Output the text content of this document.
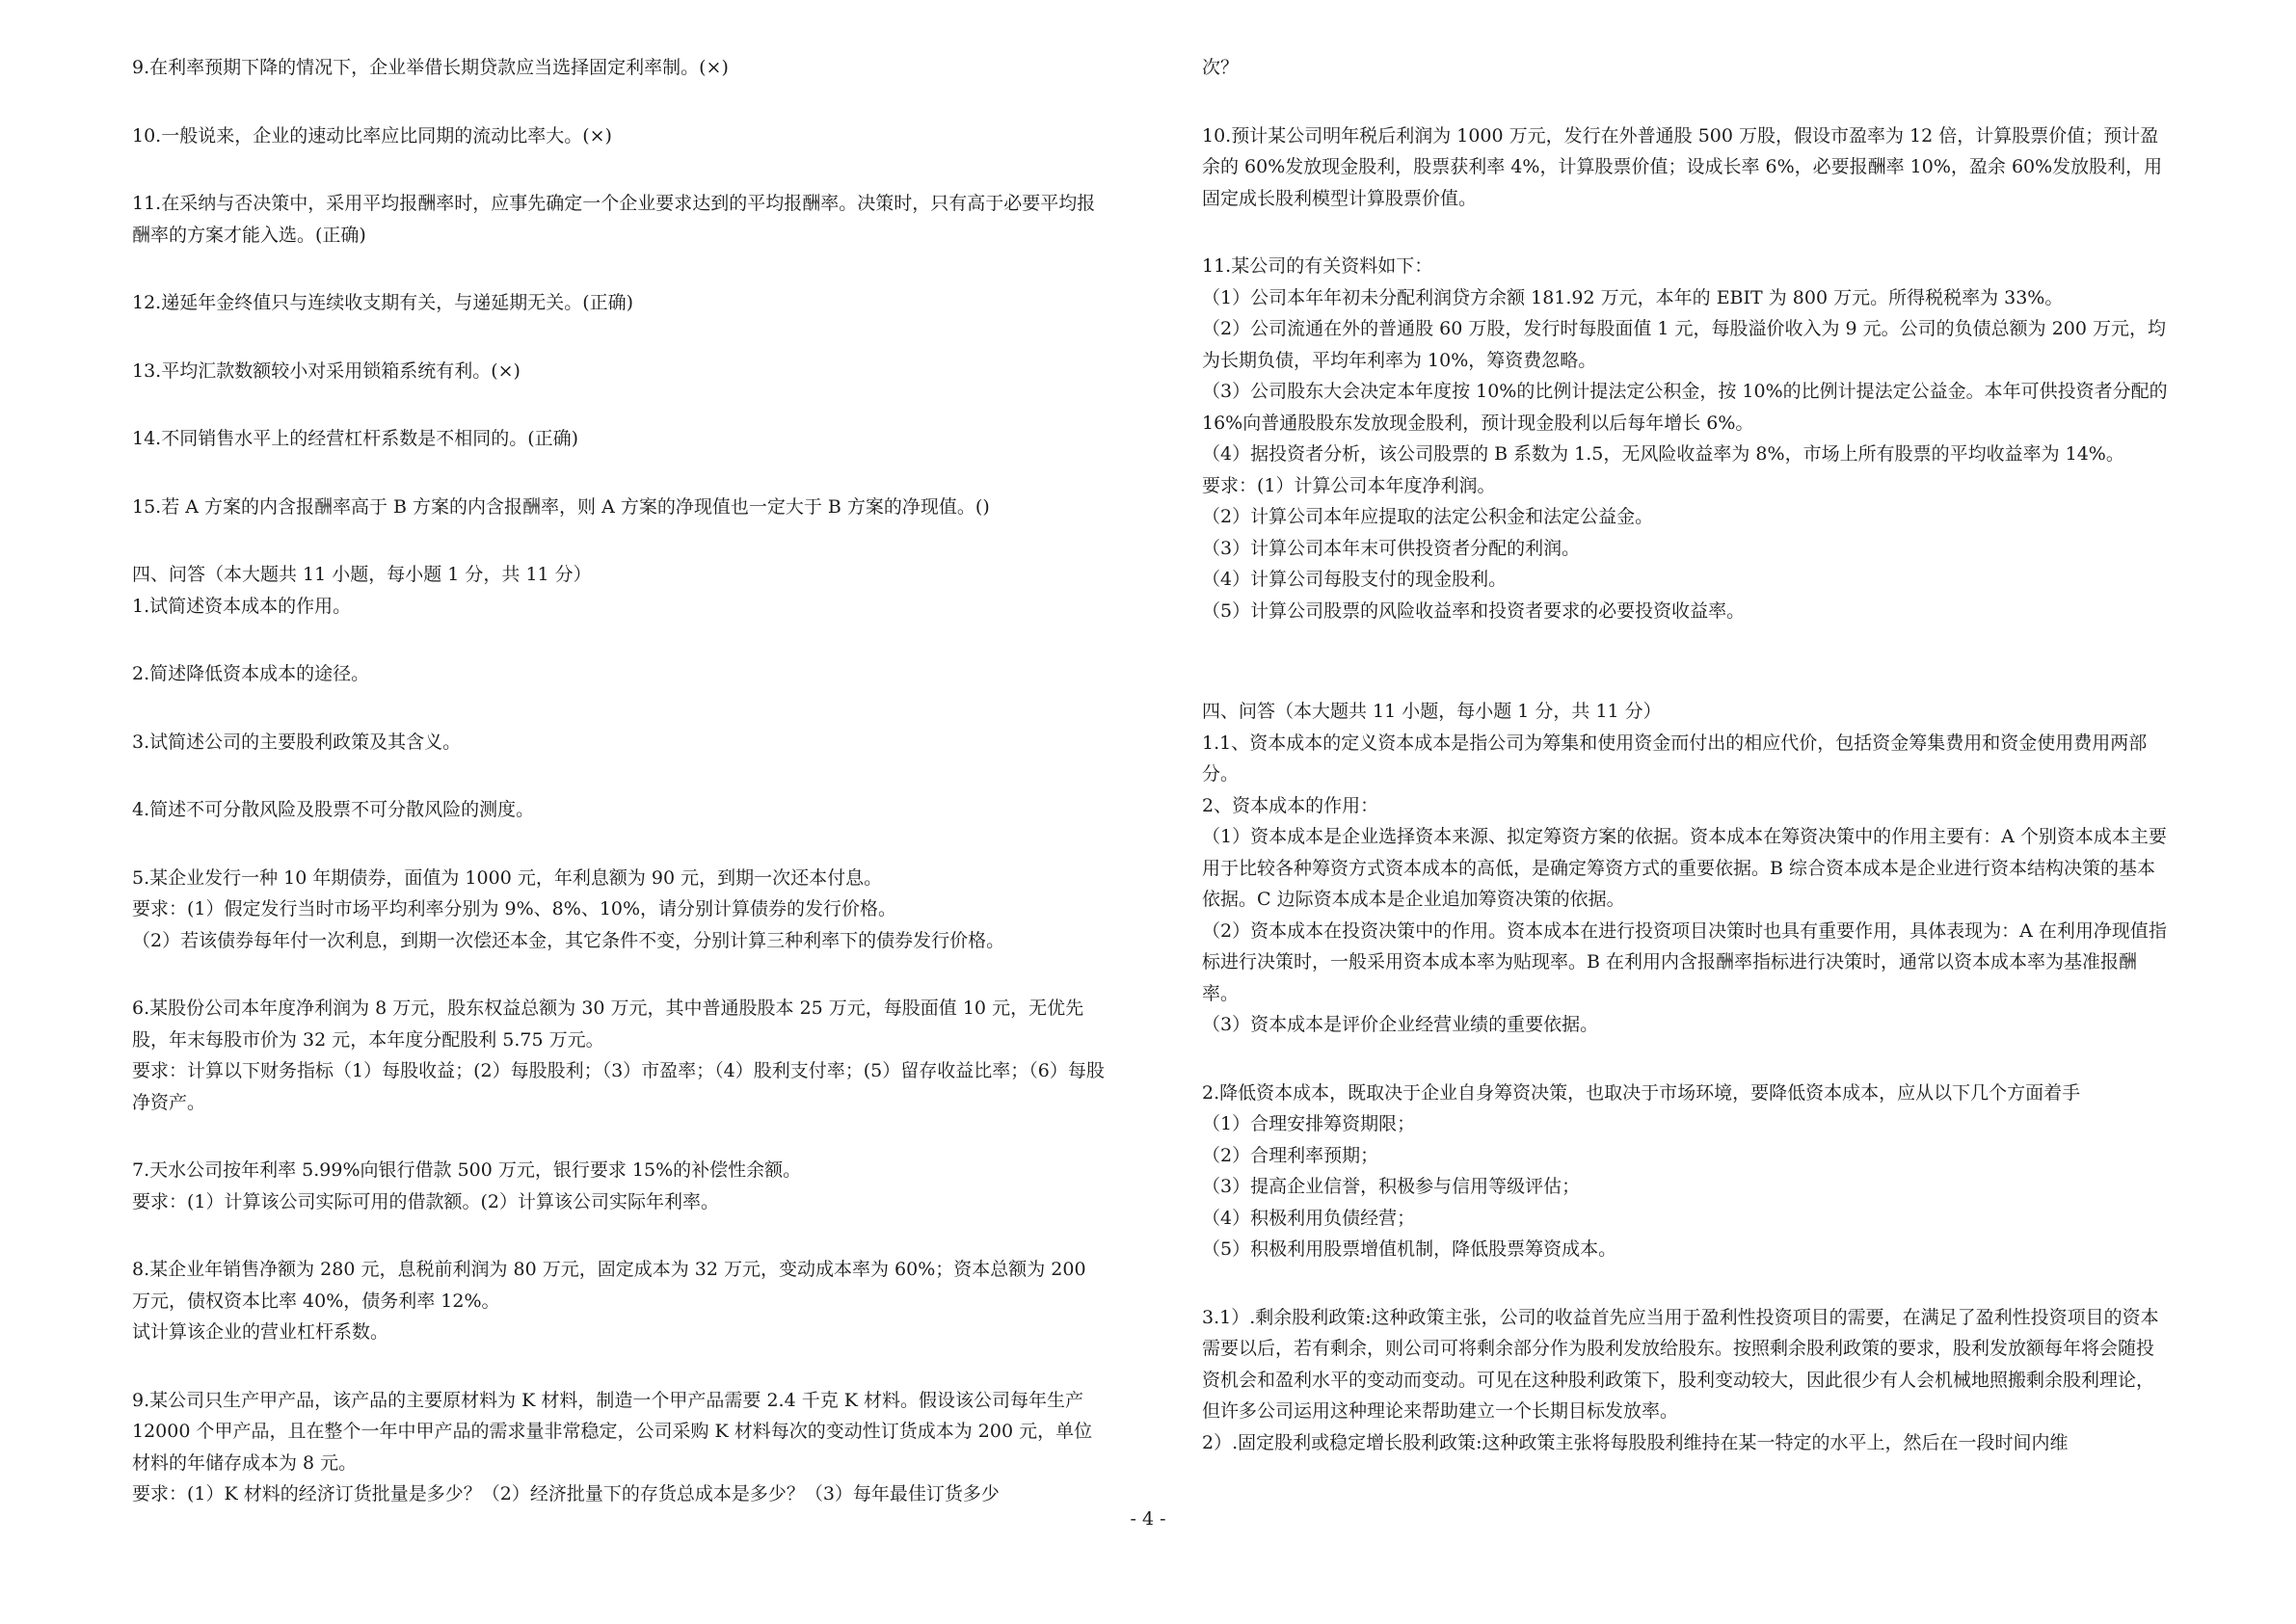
9.在利率预期下降的情况下，企业举借长期贷款应当选择固定利率制。(×)

10.一般说来，企业的速动比率应比同期的流动比率大。(×)

11.在采纳与否决策中，采用平均报酬率时，应事先确定一个企业要求达到的平均报酬率。决策时，只有高于必要平均报酬率的方案才能入选。(正确)

12.递延年金终值只与连续收支期有关，与递延期无关。(正确)

13.平均汇款数额较小对采用锁箱系统有利。(×)

14.不同销售水平上的经营杠杆系数是不相同的。(正确)

15.若 A 方案的内含报酬率高于 B 方案的内含报酬率，则 A 方案的净现值也一定大于 B 方案的净现值。()

四、问答（本大题共 11 小题，每小题 1 分，共 11 分）

1.试简述资本成本的作用。

2.简述降低资本成本的途径。

3.试简述公司的主要股利政策及其含义。

4.简述不可分散风险及股票不可分散风险的测度。

5.某企业发行一种 10 年期债券，面值为 1000 元，年利息额为 90 元，到期一次还本付息。

要求：(1）假定发行当时市场平均利率分别为 9%、8%、10%，请分别计算债券的发行价格。

（2）若该债券每年付一次利息，到期一次偿还本金，其它条件不变，分别计算三种利率下的债券发行价格。

6.某股份公司本年度净利润为 8 万元，股东权益总额为 30 万元，其中普通股股本 25 万元，每股面值 10 元，无优先股，年末每股市价为 32 元，本年度分配股利 5.75 万元。

要求：计算以下财务指标（1）每股收益；(2）每股股利；（3）市盈率；（4）股利支付率；(5）留存收益比率；（6）每股净资产。

7.天水公司按年利率 5.99%向银行借款 500 万元，银行要求 15%的补偿性余额。

要求：(1）计算该公司实际可用的借款额。(2）计算该公司实际年利率。

8.某企业年销售净额为 280 元，息税前利润为 80 万元，固定成本为 32 万元，变动成本率为 60%；资本总额为 200 万元，债权资本比率 40%，债务利率 12%。

试计算该企业的营业杠杆系数。

9.某公司只生产甲产品，该产品的主要原材料为 K 材料，制造一个甲产品需要 2.4 千克 K 材料。假设该公司每年生产 12000 个甲产品，且在整个一年中甲产品的需求量非常稳定，公司采购 K 材料每次的变动性订货成本为 200 元，单位材料的年储存成本为 8 元。

要求：(1）K 材料的经济订货批量是多少？（2）经济批量下的存货总成本是多少？（3）每年最佳订货多少

次？

10.预计某公司明年税后利润为 1000 万元，发行在外普通股 500 万股，假设市盈率为 12 倍，计算股票价值；预计盈余的 60%发放现金股利，股票获利率 4%，计算股票价值；设成长率 6%，必要报酬率 10%，盈余 60%发放股利，用固定成长股利模型计算股票价值。

11.某公司的有关资料如下：

（1）公司本年年初未分配利润贷方余额 181.92 万元，本年的 EBIT 为 800 万元。所得税税率为 33%。

（2）公司流通在外的普通股 60 万股，发行时每股面值 1 元，每股溢价收入为 9 元。公司的负债总额为 200 万元，均为长期负债，平均年利率为 10%，筹资费忽略。

（3）公司股东大会决定本年度按 10%的比例计提法定公积金，按 10%的比例计提法定公益金。本年可供投资者分配的 16%向普通股股东发放现金股利，预计现金股利以后每年增长 6%。

（4）据投资者分析，该公司股票的 B 系数为 1.5，无风险收益率为 8%，市场上所有股票的平均收益率为 14%。

要求：(1）计算公司本年度净利润。

（2）计算公司本年应提取的法定公积金和法定公益金。

（3）计算公司本年末可供投资者分配的利润。

（4）计算公司每股支付的现金股利。

（5）计算公司股票的风险收益率和投资者要求的必要投资收益率。

四、问答（本大题共 11 小题，每小题 1 分，共 11 分）

1.1、资本成本的定义资本成本是指公司为筹集和使用资金而付出的相应代价，包括资金筹集费用和资金使用费用两部分。

2、资本成本的作用：

（1）资本成本是企业选择资本来源、拟定筹资方案的依据。资本成本在筹资决策中的作用主要有：A 个别资本成本主要用于比较各种筹资方式资本成本的高低，是确定筹资方式的重要依据。B 综合资本成本是企业进行资本结构决策的基本依据。C 边际资本成本是企业追加筹资决策的依据。

（2）资本成本在投资决策中的作用。资本成本在进行投资项目决策时也具有重要作用，具体表现为：A 在利用净现值指标进行决策时，一般采用资本成本率为贴现率。B 在利用内含报酬率指标进行决策时，通常以资本成本率为基准报酬率。

（3）资本成本是评价企业经营业绩的重要依据。

2.降低资本成本，既取决于企业自身筹资决策，也取决于市场环境，要降低资本成本，应从以下几个方面着手

（1）合理安排筹资期限；

（2）合理利率预期；

（3）提高企业信誉，积极参与信用等级评估；

（4）积极利用负债经营；

（5）积极利用股票增值机制，降低股票筹资成本。

3.1）.剩余股利政策:这种政策主张，公司的收益首先应当用于盈利性投资项目的需要，在满足了盈利性投资项目的资本需要以后，若有剩余，则公司可将剩余部分作为股利发放给股东。按照剩余股利政策的要求，股利发放额每年将会随投资机会和盈利水平的变动而变动。可见在这种股利政策下，股利变动较大，因此很少有人会机械地照搬剩余股利理论，但许多公司运用这种理论来帮助建立一个长期目标发放率。

2）.固定股利或稳定增长股利政策:这种政策主张将每股股利维持在某一特定的水平上，然后在一段时间内维

- 4 -
